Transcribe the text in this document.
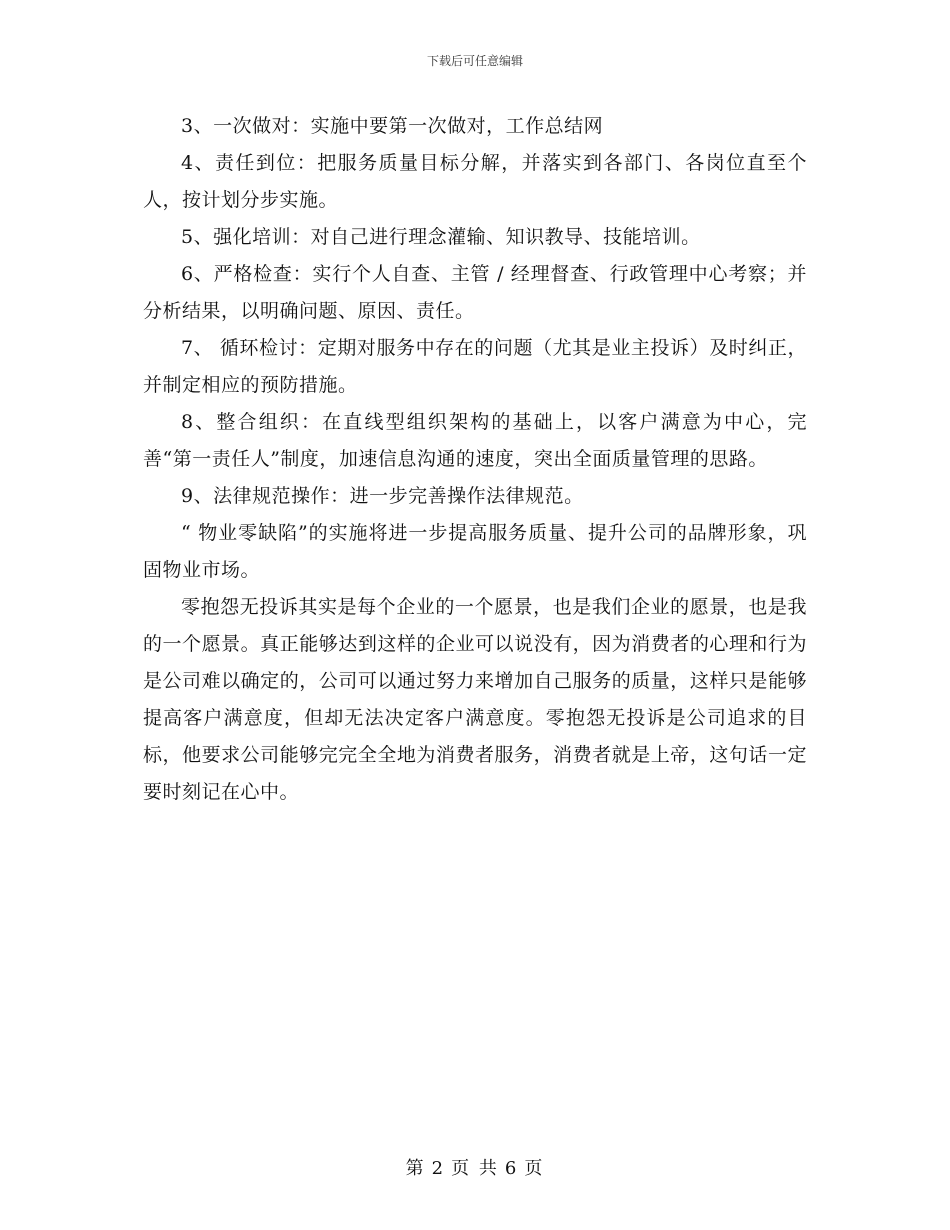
下载后可任意编辑

3、一次做对：实施中要第一次做对，工作总结网

4、责任到位：把服务质量目标分解，并落实到各部门、各岗位直至个人，按计划分步实施。

5、强化培训：对自己进行理念灌输、知识教导、技能培训。

6、严格检查：实行个人自查、主管 / 经理督查、行政管理中心考察；并分析结果，以明确问题、原因、责任。

7、 循环检讨：定期对服务中存在的问题（尤其是业主投诉）及时纠正，并制定相应的预防措施。

8、整合组织：在直线型组织架构的基础上，以客户满意为中心，完善“第一责任人”制度，加速信息沟通的速度，突出全面质量管理的思路。

9、法律规范操作：进一步完善操作法律规范。

“ 物业零缺陷”的实施将进一步提高服务质量、提升公司的品牌形象，巩固物业市场。

零抱怨无投诉其实是每个企业的一个愿景，也是我们企业的愿景，也是我的一个愿景。真正能够达到这样的企业可以说没有，因为消费者的心理和行为是公司难以确定的，公司可以通过努力来增加自己服务的质量，这样只是能够提高客户满意度，但却无法决定客户满意度。零抱怨无投诉是公司追求的目标，他要求公司能够完完全全地为消费者服务，消费者就是上帝，这句话一定要时刻记在心中。

第 2 页 共 6 页
